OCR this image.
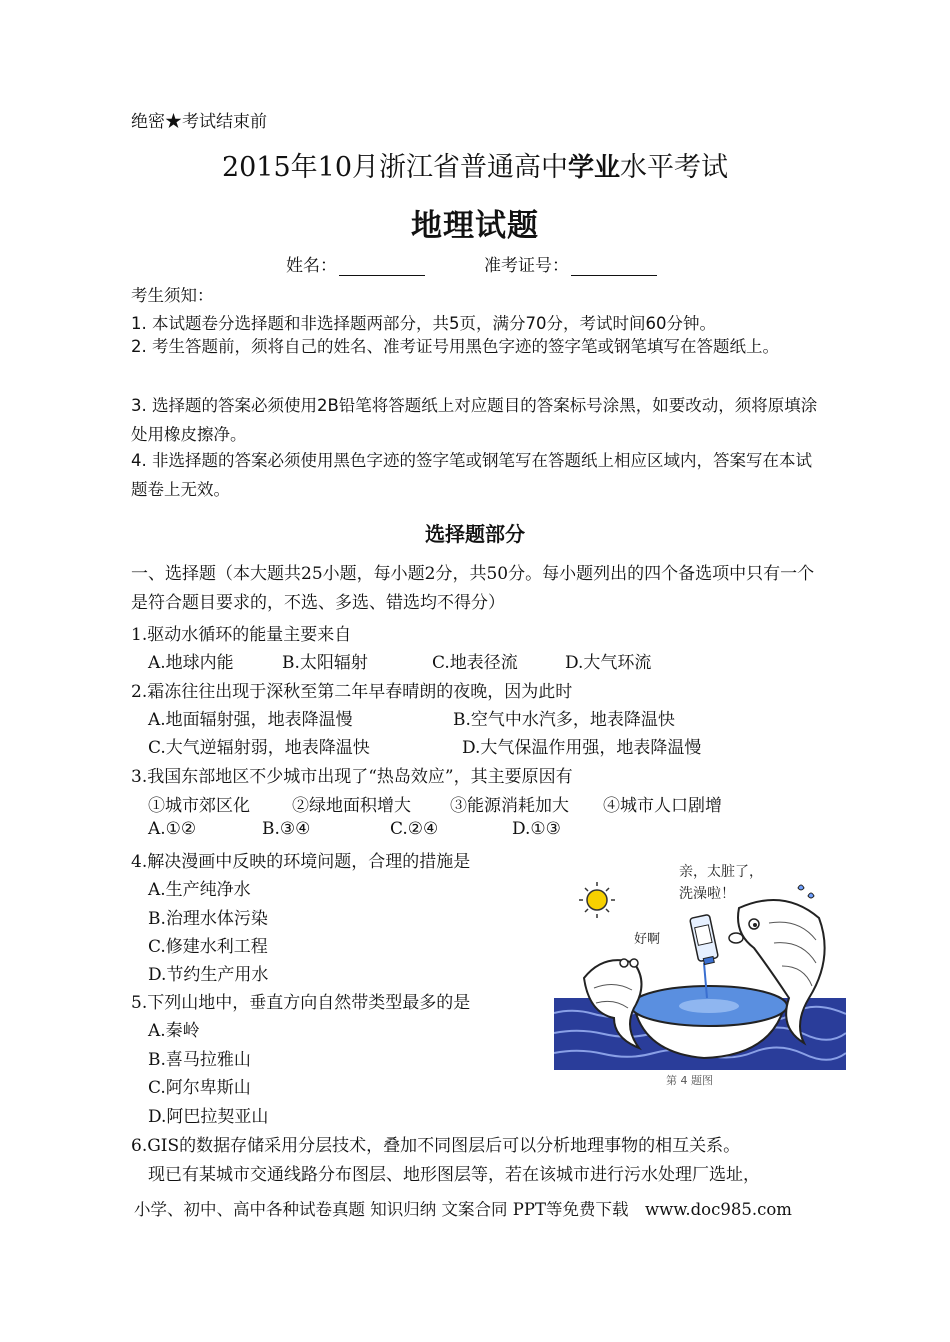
绝密★考试结束前
2015年10月浙江省普通高中学业水平考试
地理试题
姓名：	准考证号：
考生须知：
1. 本试题卷分选择题和非选择题两部分，共5页，满分70分，考试时间60分钟。
2. 考生答题前，须将自己的姓名、准考证号用黑色字迹的签字笔或钢笔填写在答题纸上。
3. 选择题的答案必须使用2B铅笔将答题纸上对应题目的答案标号涂黑，如要改动，须将原填涂处用橡皮擦净。
4. 非选择题的答案必须使用黑色字迹的签字笔或钢笔写在答题纸上相应区域内，答案写在本试题卷上无效。
选择题部分
一、选择题（本大题共25小题，每小题2分，共50分。每小题列出的四个备选项中只有一个是符合题目要求的，不选、多选、错选均不得分）
1.驱动水循环的能量主要来自
A.地球内能	B.太阳辐射	C.地表径流	D.大气环流
2.霜冻往往出现于深秋至第二年早春晴朗的夜晚，因为此时
A.地面辐射强，地表降温慢	B.空气中水汽多，地表降温快
C.大气逆辐射弱，地表降温快	D.大气保温作用强，地表降温慢
3.我国东部地区不少城市出现了“热岛效应”，其主要原因有
①城市郊区化 ②绿地面积增大 ③能源消耗加大 ④城市人口剧增
A.①②	B.③④	C.②④	D.①③
4.解决漫画中反映的环境问题，合理的措施是
A.生产纯净水
B.治理水体污染
C.修建水利工程
D.节约生产用水
5.下列山地中，垂直方向自然带类型最多的是
A.秦岭
B.喜马拉雅山
C.阿尔卑斯山
D.阿巴拉契亚山
6.GIS的数据存储采用分层技术，叠加不同图层后可以分析地理事物的相互关系。
现已有某城市交通线路分布图层、地形图层等，若在该城市进行污水处理厂选址，
亲，太脏了，
洗澡啦！
好啊
第 4 题图
小学、初中、高中各种试卷真题 知识归纳 文案合同 PPT等免费下载　www.doc985.com
